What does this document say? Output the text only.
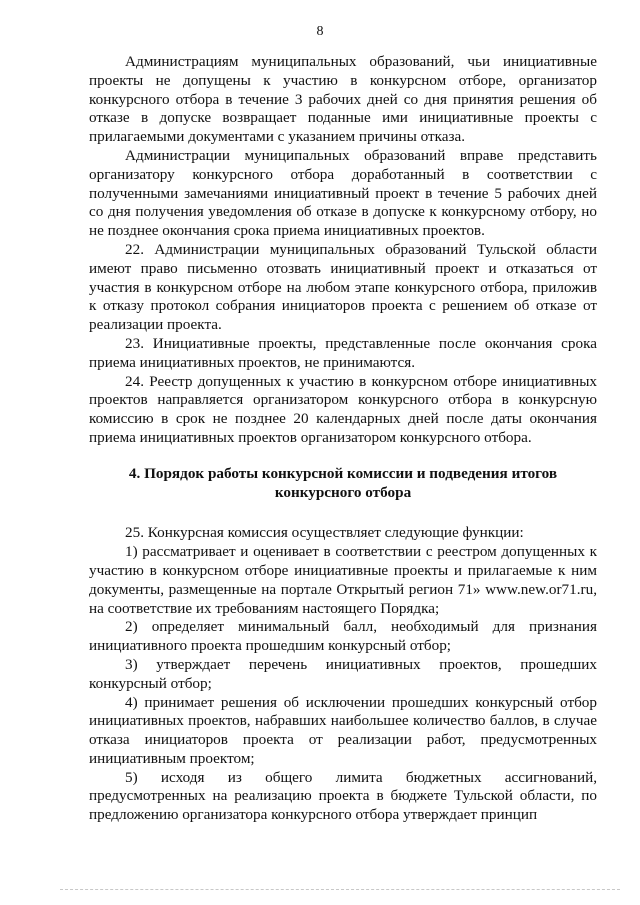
8

Администрациям муниципальных образований, чьи инициативные проекты не допущены к участию в конкурсном отборе, организатор конкурсного отбора в течение 3 рабочих дней со дня принятия решения об отказе в допуске возвращает поданные ими инициативные проекты с прилагаемыми документами с указанием причины отказа.

Администрации муниципальных образований вправе представить организатору конкурсного отбора доработанный в соответствии с полученными замечаниями инициативный проект в течение 5 рабочих дней со дня получения уведомления об отказе в допуске к конкурсному отбору, но не позднее окончания срока приема инициативных проектов.

22. Администрации муниципальных образований Тульской области имеют право письменно отозвать инициативный проект и отказаться от участия в конкурсном отборе на любом этапе конкурсного отбора, приложив к отказу протокол собрания инициаторов проекта с решением об отказе от реализации проекта.

23. Инициативные проекты, представленные после окончания срока приема инициативных проектов, не принимаются.

24. Реестр допущенных к участию в конкурсном отборе инициативных проектов направляется организатором конкурсного отбора в конкурсную комиссию в срок не позднее 20 календарных дней после даты окончания приема инициативных проектов организатором конкурсного отбора.

4. Порядок работы конкурсной комиссии и подведения итогов конкурсного отбора

25. Конкурсная комиссия осуществляет следующие функции:

1) рассматривает и оценивает в соответствии с реестром допущенных к участию в конкурсном отборе инициативные проекты и прилагаемые к ним документы, размещенные на портале Открытый регион 71» www.new.or71.ru, на соответствие их требованиям настоящего Порядка;

2) определяет минимальный балл, необходимый для признания инициативного проекта прошедшим конкурсный отбор;

3) утверждает перечень инициативных проектов, прошедших конкурсный отбор;

4) принимает решения об исключении прошедших конкурсный отбор инициативных проектов, набравших наибольшее количество баллов, в случае отказа инициаторов проекта от реализации работ, предусмотренных инициативным проектом;

5) исходя из общего лимита бюджетных ассигнований, предусмотренных на реализацию проекта в бюджете Тульской области, по предложению организатора конкурсного отбора утверждает принцип
